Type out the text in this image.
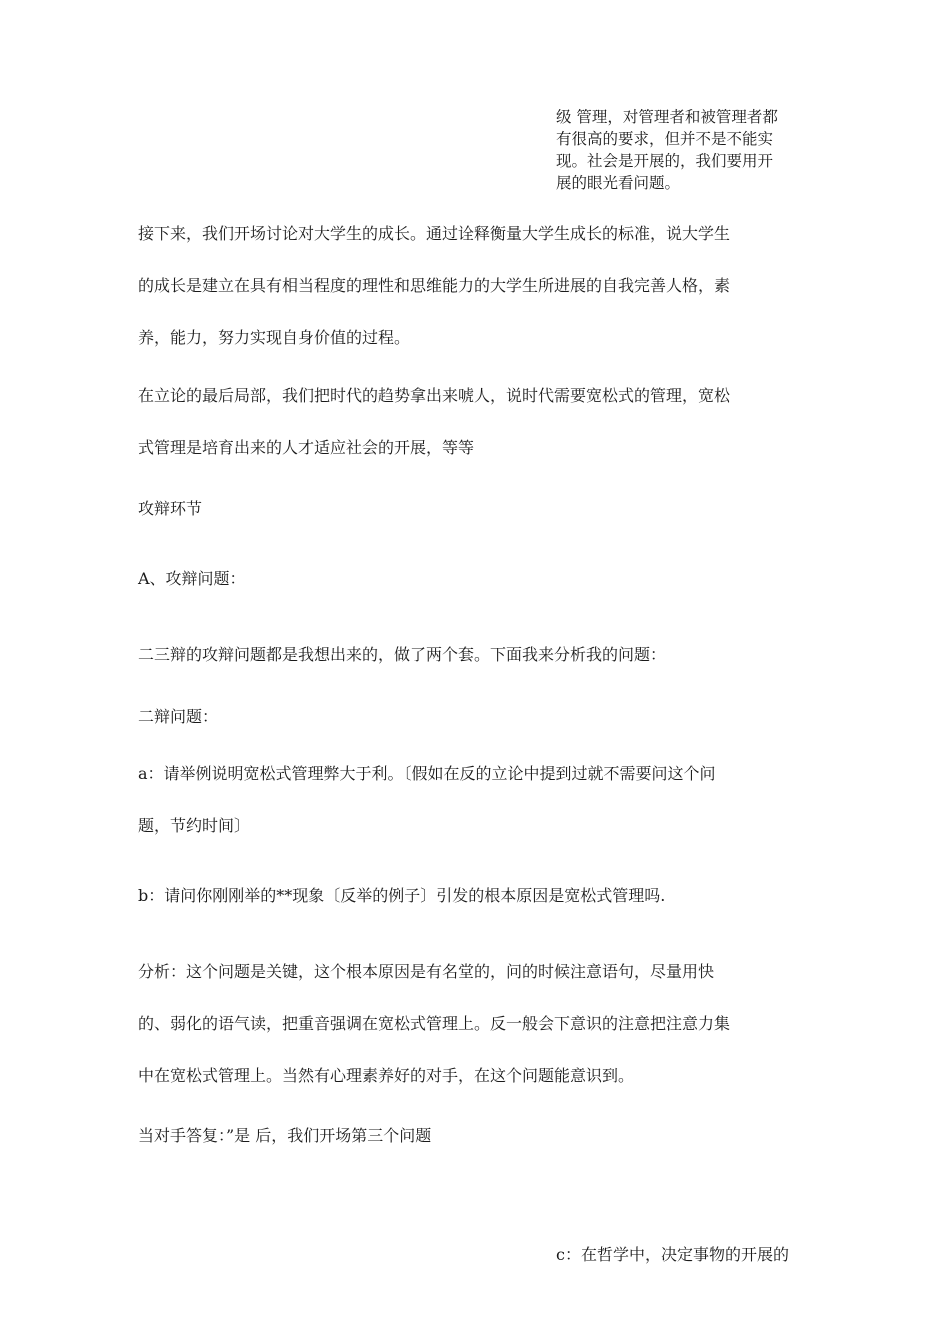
级 管理，对管理者和被管理者都
有很高的要求，但并不是不能实
现。社会是开展的，我们要用开
展的眼光看问题。
接下来，我们开场讨论对大学生的成长。通过诠释衡量大学生成长的标准，说大学生
的成长是建立在具有相当程度的理性和思维能力的大学生所进展的自我完善人格，素
养，能力，努力实现自身价值的过程。
在立论的最后局部，我们把时代的趋势拿出来唬人，说时代需要宽松式的管理，宽松
式管理是培育出来的人才适应社会的开展，等等
攻辩环节
A、攻辩问题：
二三辩的攻辩问题都是我想出来的，做了两个套。下面我来分析我的问题：
二辩问题：
a：请举例说明宽松式管理弊大于利。〔假如在反的立论中提到过就不需要问这个问
题，节约时间〕
b：请问你刚刚举的**现象〔反举的例子〕引发的根本原因是宽松式管理吗.
分析：这个问题是关键，这个根本原因是有名堂的，问的时候注意语句，尽量用快
的、弱化的语气读，把重音强调在宽松式管理上。反一般会下意识的注意把注意力集
中在宽松式管理上。当然有心理素养好的对手，在这个问题能意识到。
当对手答复：”是 后，我们开场第三个问题
c：在哲学中，决定事物的开展的
